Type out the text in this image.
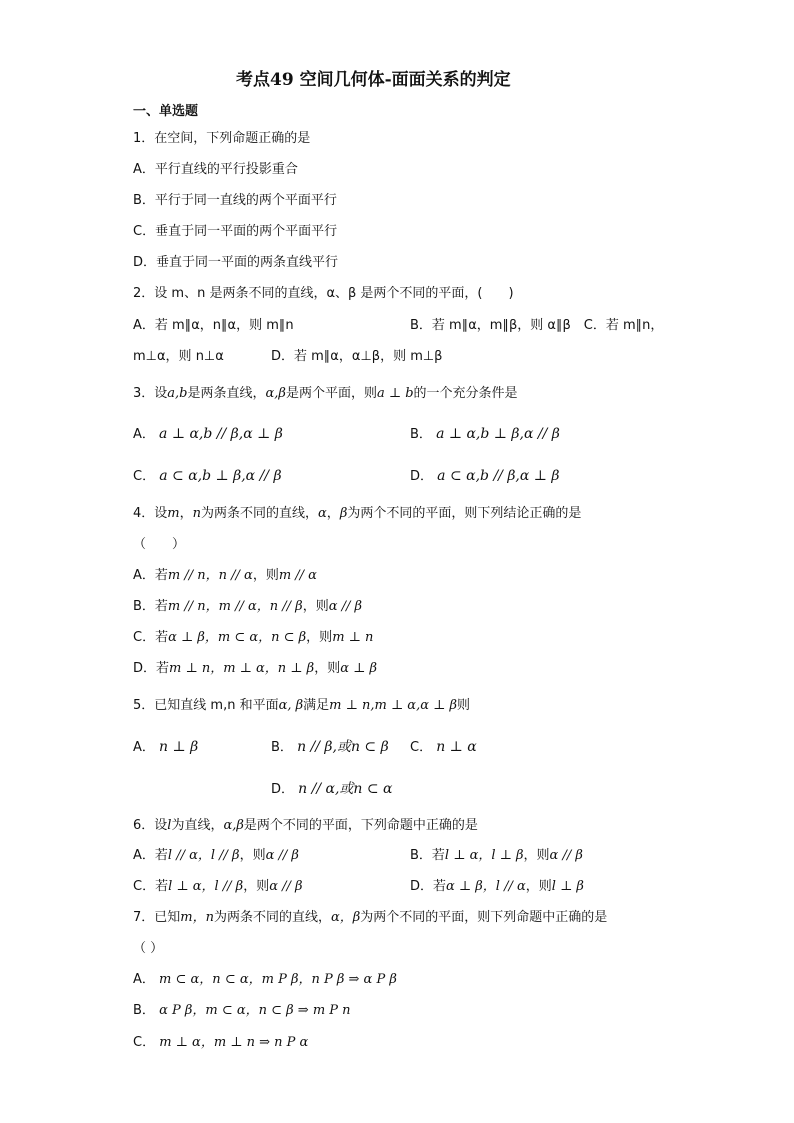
考点49 空间几何体-面面关系的判定
一、单选题
1．在空间，下列命题正确的是
A．平行直线的平行投影重合
B．平行于同一直线的两个平面平行
C．垂直于同一平面的两个平面平行
D．垂直于同一平面的两条直线平行
2．设 m、n 是两条不同的直线，α、β 是两个不同的平面，(　　)
A．若 m∥α，n∥α，则 m∥n	B．若 m∥α，m∥β，则 α∥β　C．若 m∥n，
m⊥α，则 n⊥α	D．若 m∥α，α⊥β，则 m⊥β
3．设a,b是两条直线，α,β是两个平面，则a ⊥ b的一个充分条件是
A． a ⊥ α,b // β,α ⊥ β	B． a ⊥ α,b ⊥ β,α // β
C． a ⊂ α,b ⊥ β,α // β	D． a ⊂ α,b // β,α ⊥ β
4．设m，n为两条不同的直线，α，β为两个不同的平面，则下列结论正确的是
（　　）
A．若m // n，n // α，则m // α
B．若m // n，m // α，n // β，则α // β
C．若α ⊥ β，m ⊂ α，n ⊂ β，则m ⊥ n
D．若m ⊥ n，m ⊥ α，n ⊥ β，则α ⊥ β
5．已知直线 m,n 和平面α, β满足m ⊥ n,m ⊥ α,α ⊥ β则
A． n ⊥ β	B． n // β,或n ⊂ β C． n ⊥ α
D． n // α,或n ⊂ α
6．设l为直线，α,β是两个不同的平面，下列命题中正确的是
A．若l // α，l // β，则α // β	B．若l ⊥ α，l ⊥ β，则α // β
C．若l ⊥ α，l // β，则α // β	D．若α ⊥ β，l // α，则l ⊥ β
7．已知m，n为两条不同的直线，α，β为两个不同的平面，则下列命题中正确的是
（ ）
A． m ⊂ α，n ⊂ α，m P β，n P β ⇒ α P β
B． α P β，m ⊂ α，n ⊂ β ⇒ m P n
C． m ⊥ α，m ⊥ n ⇒ n P α
